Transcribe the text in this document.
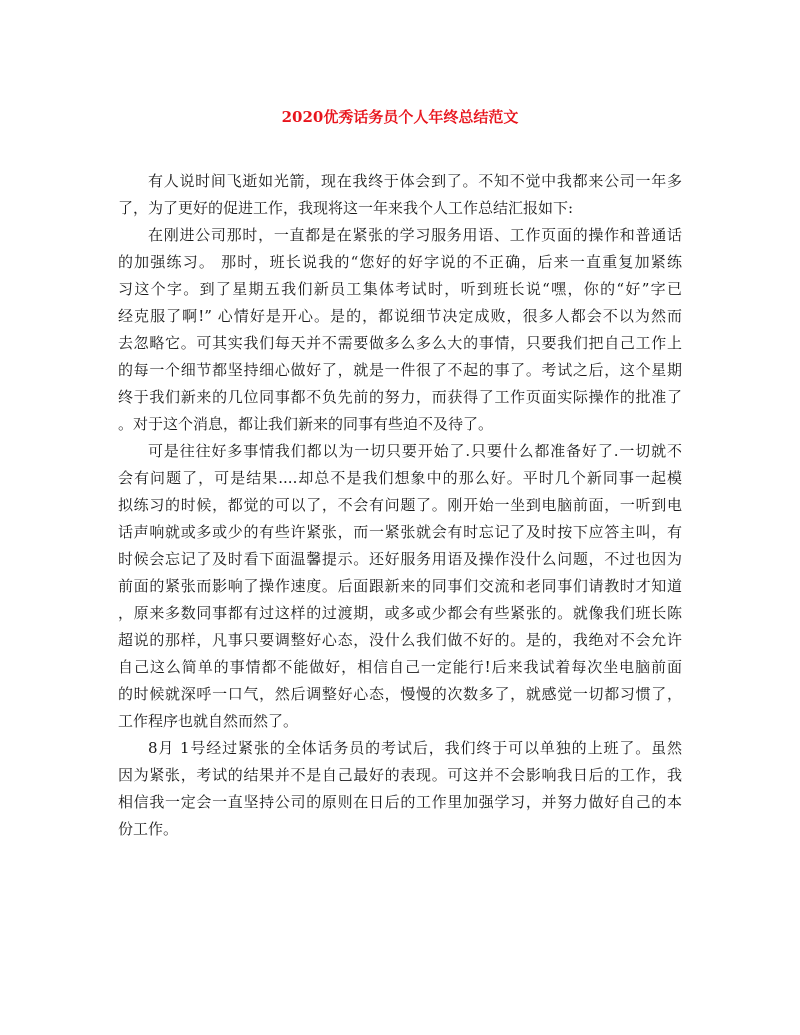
2020优秀话务员个人年终总结范文
有人说时间飞逝如光箭，现在我终于体会到了。不知不觉中我都来公司一年多
了，为了更好的促进工作，我现将这一年来我个人工作总结汇报如下:
在刚进公司那时，一直都是在紧张的学习服务用语、工作页面的操作和普通话
的加强练习。 那时，班长说我的“您好的好字说的不正确，后来一直重复加紧练
习这个字。到了星期五我们新员工集体考试时，听到班长说“嘿，你的“好”字已
经克服了啊!” 心情好是开心。是的，都说细节决定成败，很多人都会不以为然而
去忽略它。可其实我们每天并不需要做多么多么大的事情，只要我们把自己工作上
的每一个细节都坚持细心做好了，就是一件很了不起的事了。考试之后，这个星期
终于我们新来的几位同事都不负先前的努力，而获得了工作页面实际操作的批准了
。对于这个消息，都让我们新来的同事有些迫不及待了。
可是往往好多事情我们都以为一切只要开始了.只要什么都准备好了.一切就不
会有问题了，可是结果....却总不是我们想象中的那么好。平时几个新同事一起模
拟练习的时候，都觉的可以了，不会有问题了。刚开始一坐到电脑前面，一听到电
话声响就或多或少的有些许紧张，而一紧张就会有时忘记了及时按下应答主叫，有
时候会忘记了及时看下面温馨提示。还好服务用语及操作没什么问题，不过也因为
前面的紧张而影响了操作速度。后面跟新来的同事们交流和老同事们请教时才知道
，原来多数同事都有过这样的过渡期，或多或少都会有些紧张的。就像我们班长陈
超说的那样，凡事只要调整好心态，没什么我们做不好的。是的，我绝对不会允许
自己这么简单的事情都不能做好，相信自己一定能行!后来我试着每次坐电脑前面
的时候就深呼一口气，然后调整好心态，慢慢的次数多了，就感觉一切都习惯了，
工作程序也就自然而然了。
8月 1号经过紧张的全体话务员的考试后，我们终于可以单独的上班了。虽然
因为紧张，考试的结果并不是自己最好的表现。可这并不会影响我日后的工作，我
相信我一定会一直坚持公司的原则在日后的工作里加强学习，并努力做好自己的本
份工作。
